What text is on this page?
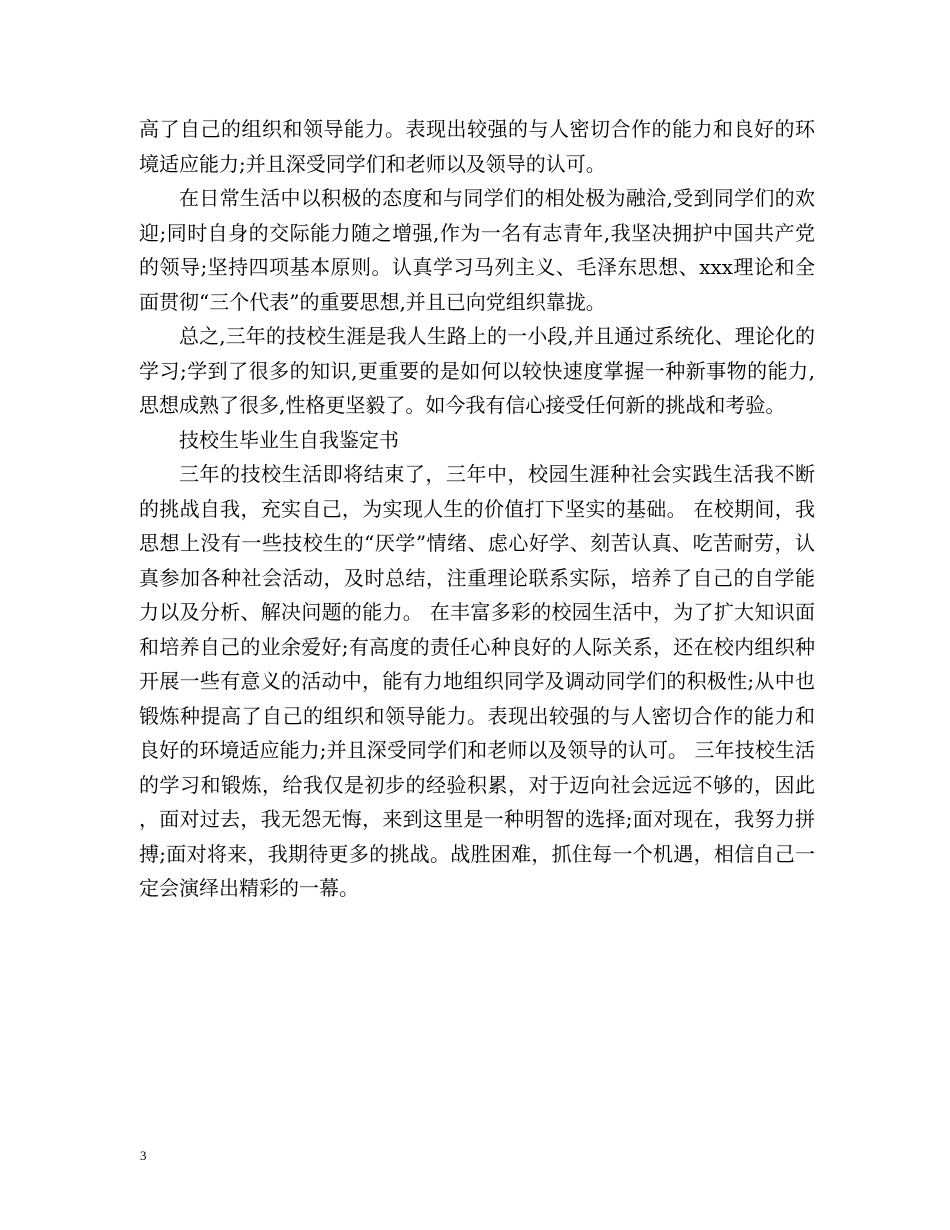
高了自己的组织和领导能力。表现出较强的与人密切合作的能力和良好的环境适应能力;并且深受同学们和老师以及领导的认可。

在日常生活中以积极的态度和与同学们的相处极为融洽,受到同学们的欢迎;同时自身的交际能力随之增强,作为一名有志青年,我坚决拥护中国共产党的领导;坚持四项基本原则。认真学习马列主义、毛泽东思想、xxx理论和全面贯彻“三个代表”的重要思想,并且已向党组织靠拢。

总之,三年的技校生涯是我人生路上的一小段,并且通过系统化、理论化的学习;学到了很多的知识,更重要的是如何以较快速度掌握一种新事物的能力,思想成熟了很多,性格更坚毅了。如今我有信心接受任何新的挑战和考验。

技校生毕业生自我鉴定书

三年的技校生活即将结束了，三年中，校园生涯种社会实践生活我不断的挑战自我，充实自己，为实现人生的价值打下坚实的基础。 在校期间，我思想上没有一些技校生的“厌学”情绪、虑心好学、刻苦认真、吃苦耐劳，认真参加各种社会活动，及时总结，注重理论联系实际，培养了自己的自学能力以及分析、解决问题的能力。 在丰富多彩的校园生活中，为了扩大知识面和培养自己的业余爱好;有高度的责任心种良好的人际关系，还在校内组织种开展一些有意义的活动中，能有力地组织同学及调动同学们的积极性;从中也锻炼种提高了自己的组织和领导能力。表现出较强的与人密切合作的能力和良好的环境适应能力;并且深受同学们和老师以及领导的认可。 三年技校生活的学习和锻炼，给我仅是初步的经验积累，对于迈向社会远远不够的，因此，面对过去，我无怨无悔，来到这里是一种明智的选择;面对现在，我努力拼搏;面对将来，我期待更多的挑战。战胜困难，抓住每一个机遇，相信自己一定会演绎出精彩的一幕。

3
